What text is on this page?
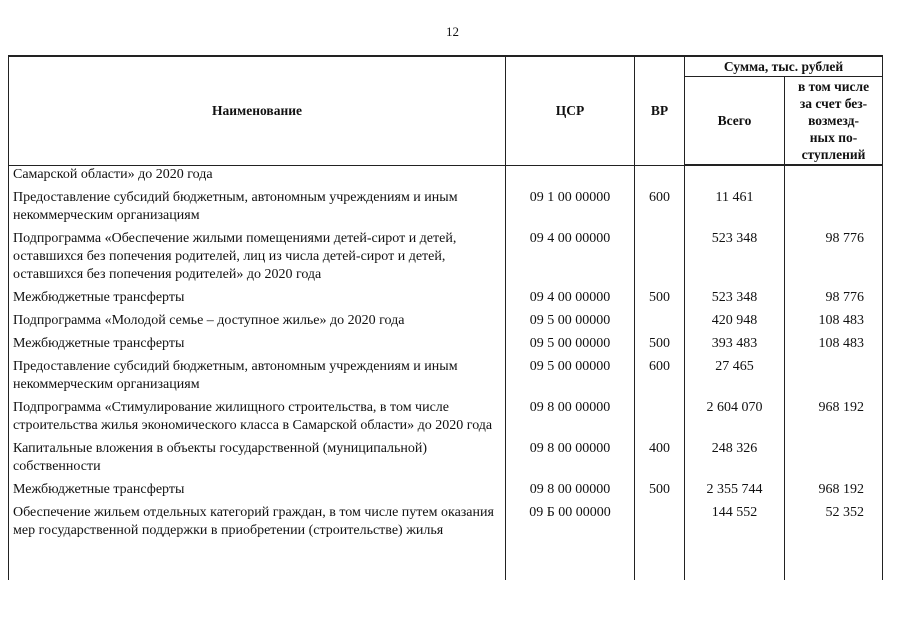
12
Наименование	ЦСР	ВР	Сумма, тыс. рублей	
			Всего	в том числе
за счет без-
возмезд-
ных по-
ступлений

Самарской области» до 2020 года				
Предоставление субсидий бюджетным, автономным учреждениям и иным некоммерческим организациям	09 1 00 00000	600	11 461	
Подпрограмма «Обеспечение жилыми помещениями детей-сирот и детей, оставшихся без попечения родителей, лиц из числа детей-сирот и детей, оставшихся без попечения родителей» до 2020 года	09 4 00 00000		523 348	98 776
Межбюджетные трансферты	09 4 00 00000	500	523 348	98 776
Подпрограмма «Молодой семье – доступное жилье» до 2020 года	09 5 00 00000		420 948	108 483
Межбюджетные трансферты	09 5 00 00000	500	393 483	108 483
Предоставление субсидий бюджетным, автономным учреждениям и иным некоммерческим организациям	09 5 00 00000	600	27 465	
Подпрограмма «Стимулирование жилищного строительства, в том числе строительства жилья экономического класса в Самарской области» до 2020 года	09 8 00 00000		2 604 070	968 192
Капитальные вложения в объекты государственной (муниципальной) собственности	09 8 00 00000	400	248 326	
Межбюджетные трансферты	09 8 00 00000	500	2 355 744	968 192
Обеспечение жильем отдельных категорий граждан, в том числе путем оказания мер государственной поддержки в приобретении (строительстве) жилья	09 Б 00 00000		144 552	52 352
